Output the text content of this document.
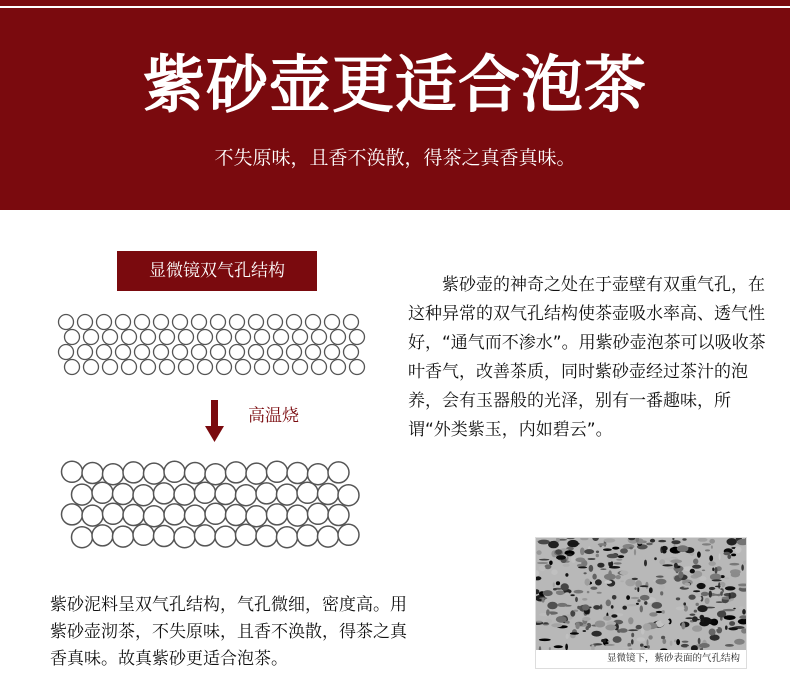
紫砂壶更适合泡茶
不失原味，且香不涣散，得茶之真香真味。
显微镜双气孔结构
高温烧

紫砂壶的神奇之处在于壶壁有双重气孔，在这种异常的双气孔结构使茶壶吸水率高、透气性好，“通气而不渗水”。用紫砂壶泡茶可以吸收茶叶香气，改善茶质，同时紫砂壶经过茶汁的泡养，会有玉器般的光泽，别有一番趣味，所谓“外类紫玉，内如碧云”。

紫砂泥料呈双气孔结构，气孔微细，密度高。用紫砂壶沏茶，不失原味，且香不涣散，得茶之真香真味。故真紫砂更适合泡茶。	显微镜下，紫砂表面的气孔结构
